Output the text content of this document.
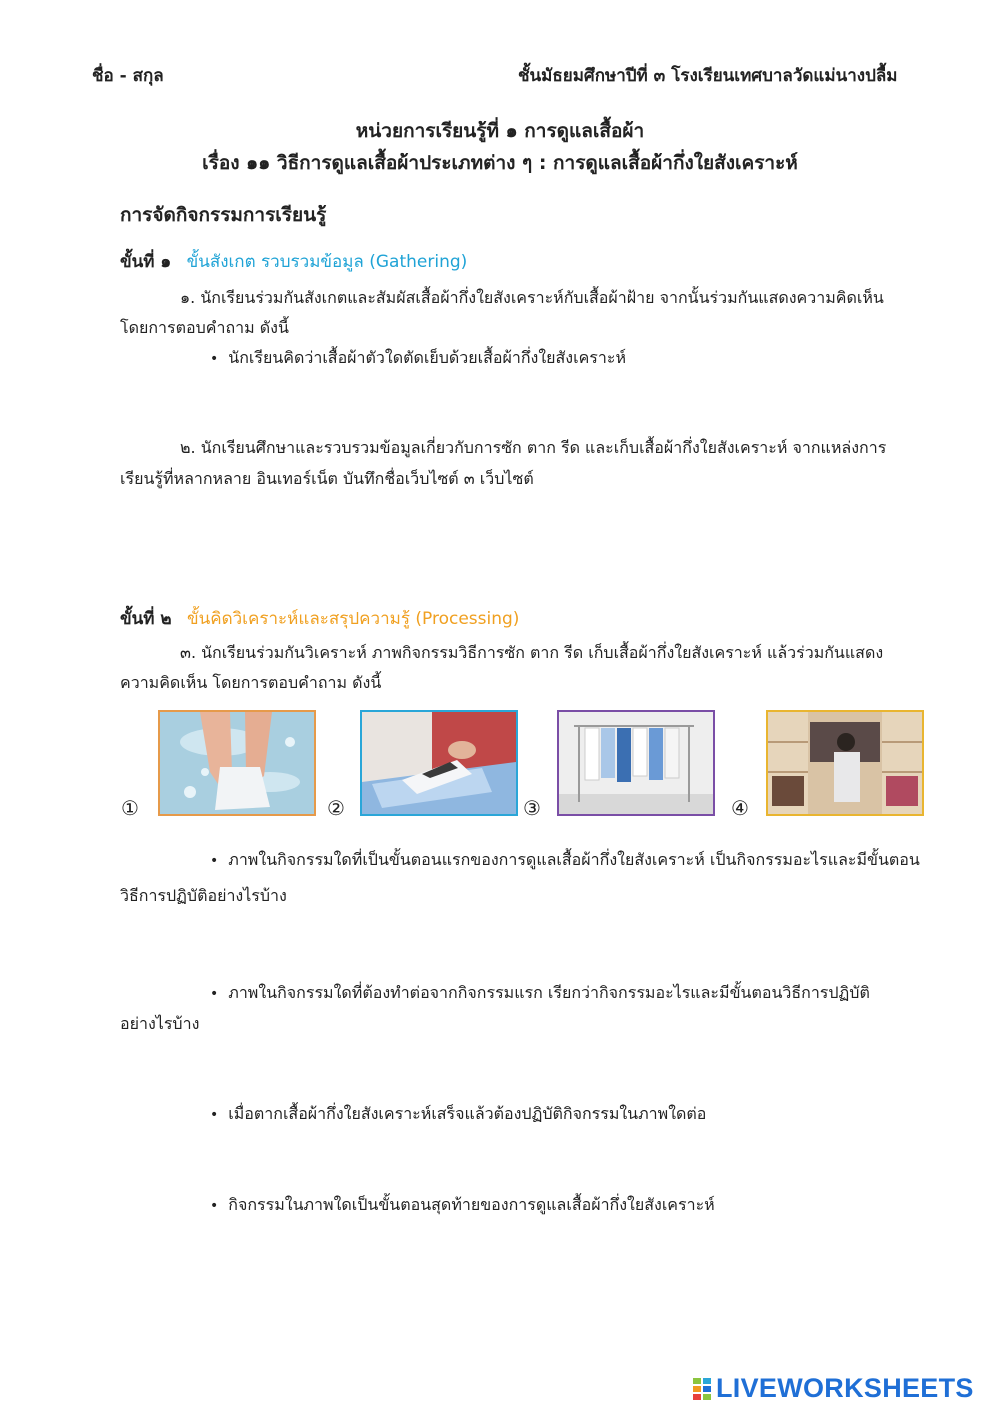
ชื่อ - สกุล	ชั้นมัธยมศึกษาปีที่ ๓ โรงเรียนเทศบาลวัดแม่นางปลื้ม
หน่วยการเรียนรู้ที่ ๑ การดูแลเสื้อผ้า
เรื่อง ๑๑ วิธีการดูแลเสื้อผ้าประเภทต่าง ๆ : การดูแลเสื้อผ้ากึ่งใยสังเคราะห์
การจัดกิจกรรมการเรียนรู้
ขั้นที่ ๑ ขั้นสังเกต รวบรวมข้อมูล (Gathering)
๑. นักเรียนร่วมกันสังเกตและสัมผัสเสื้อผ้ากึ่งใยสังเคราะห์กับเสื้อผ้าฝ้าย จากนั้นร่วมกันแสดงความคิดเห็น
โดยการตอบคำถาม ดังนี้
• นักเรียนคิดว่าเสื้อผ้าตัวใดตัดเย็บด้วยเสื้อผ้ากึ่งใยสังเคราะห์
๒. นักเรียนศึกษาและรวบรวมข้อมูลเกี่ยวกับการซัก ตาก รีด และเก็บเสื้อผ้ากึ่งใยสังเคราะห์ จากแหล่งการ
เรียนรู้ที่หลากหลาย อินเทอร์เน็ต บันทึกชื่อเว็บไซต์ ๓ เว็บไซต์
ขั้นที่ ๒ ขั้นคิดวิเคราะห์และสรุปความรู้ (Processing)
๓. นักเรียนร่วมกันวิเคราะห์ ภาพกิจกรรมวิธีการซัก ตาก รีด เก็บเสื้อผ้ากึ่งใยสังเคราะห์ แล้วร่วมกันแสดง
ความคิดเห็น โดยการตอบคำถาม ดังนี้
①	②	③	④
• ภาพในกิจกรรมใดที่เป็นขั้นตอนแรกของการดูแลเสื้อผ้ากึ่งใยสังเคราะห์ เป็นกิจกรรมอะไรและมีขั้นตอน
วิธีการปฏิบัติอย่างไรบ้าง
• ภาพในกิจกรรมใดที่ต้องทำต่อจากกิจกรรมแรก เรียกว่ากิจกรรมอะไรและมีขั้นตอนวิธีการปฏิบัติ
อย่างไรบ้าง
• เมื่อตากเสื้อผ้ากึ่งใยสังเคราะห์เสร็จแล้วต้องปฏิบัติกิจกรรมในภาพใดต่อ
• กิจกรรมในภาพใดเป็นขั้นตอนสุดท้ายของการดูแลเสื้อผ้ากึ่งใยสังเคราะห์
LIVEWORKSHEETS
